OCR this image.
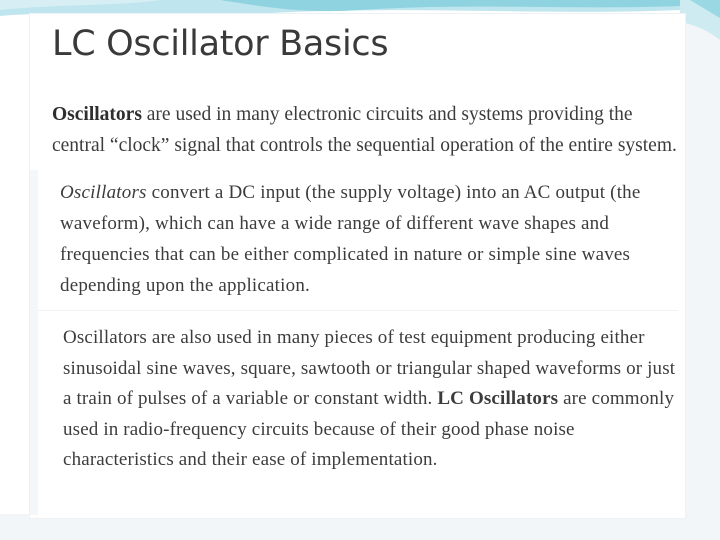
LC Oscillator Basics

Oscillators are used in many electronic circuits and systems providing the central “clock” signal that controls the sequential operation of the entire system.

Oscillators convert a DC input (the supply voltage) into an AC output (the waveform), which can have a wide range of different wave shapes and frequencies that can be either complicated in nature or simple sine waves depending upon the application.

Oscillators are also used in many pieces of test equipment producing either sinusoidal sine waves, square, sawtooth or triangular shaped waveforms or just a train of pulses of a variable or constant width. LC Oscillators are commonly used in radio-frequency circuits because of their good phase noise characteristics and their ease of implementation.
